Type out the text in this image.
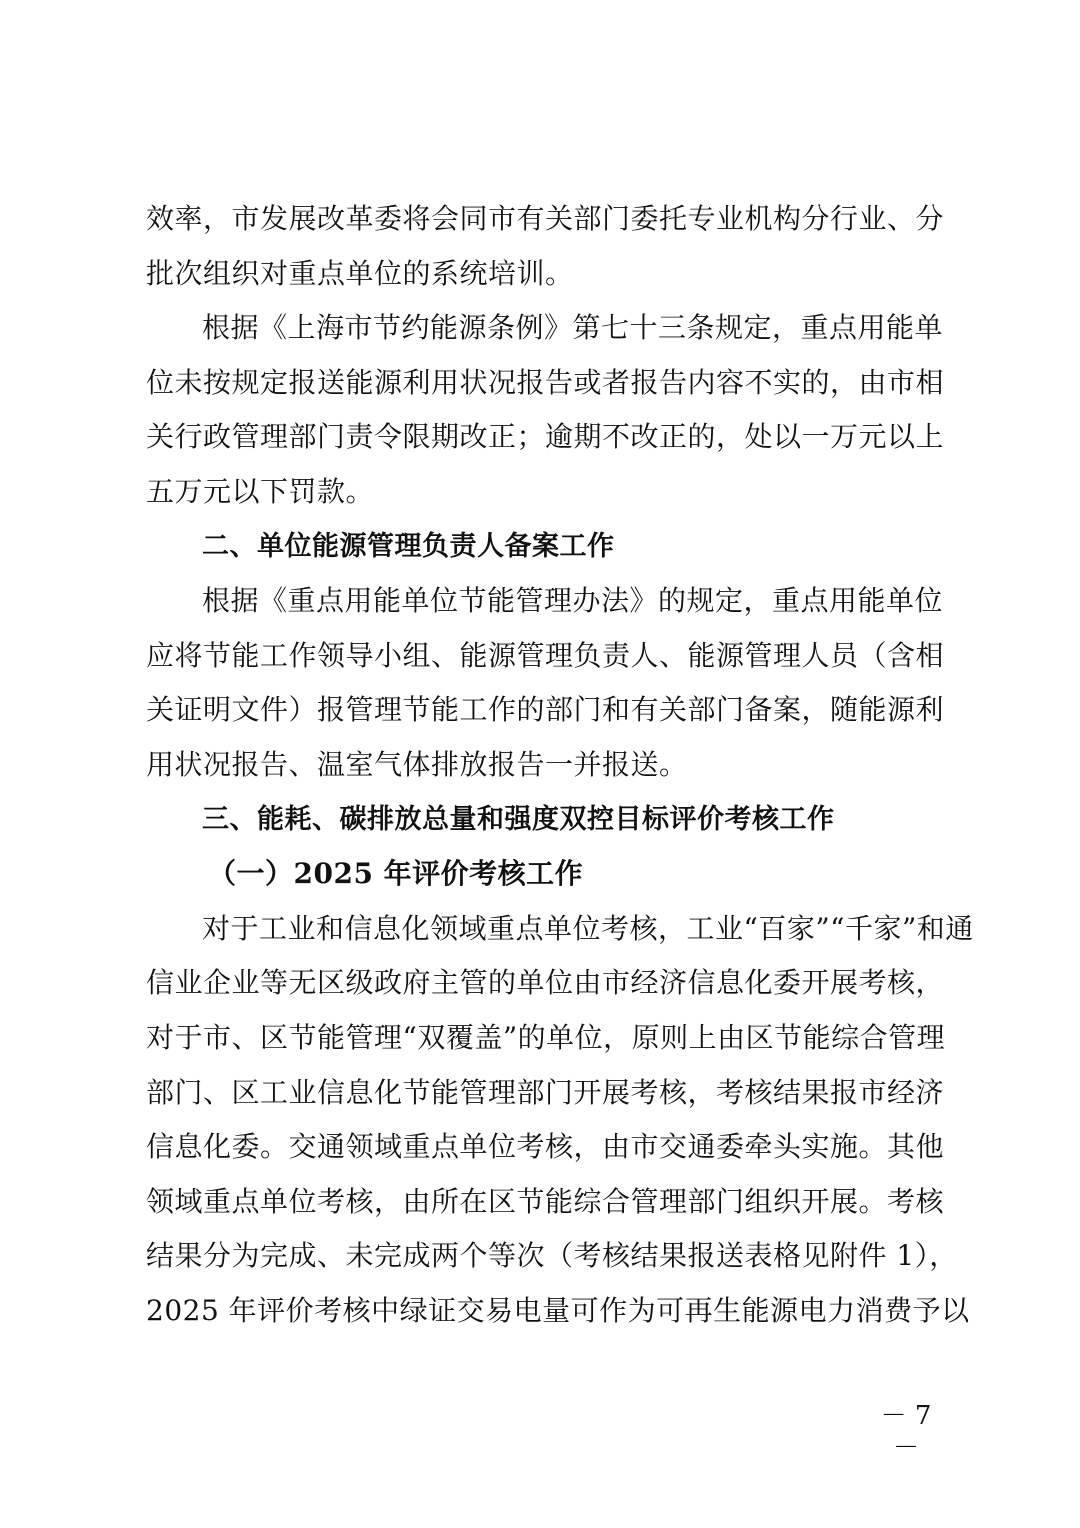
效率，市发展改革委将会同市有关部门委托专业机构分行业、分
批次组织对重点单位的系统培训。
根据《上海市节约能源条例》第七十三条规定，重点用能单
位未按规定报送能源利用状况报告或者报告内容不实的，由市相
关行政管理部门责令限期改正；逾期不改正的，处以一万元以上
五万元以下罚款。
二、单位能源管理负责人备案工作
根据《重点用能单位节能管理办法》的规定，重点用能单位
应将节能工作领导小组、能源管理负责人、能源管理人员（含相
关证明文件）报管理节能工作的部门和有关部门备案，随能源利
用状况报告、温室气体排放报告一并报送。
三、能耗、碳排放总量和强度双控目标评价考核工作
（一）2025 年评价考核工作
对于工业和信息化领域重点单位考核，工业“百家”“千家”和通
信业企业等无区级政府主管的单位由市经济信息化委开展考核，
对于市、区节能管理“双覆盖”的单位，原则上由区节能综合管理
部门、区工业信息化节能管理部门开展考核，考核结果报市经济
信息化委。交通领域重点单位考核，由市交通委牵头实施。其他
领域重点单位考核，由所在区节能综合管理部门组织开展。考核
结果分为完成、未完成两个等次（考核结果报送表格见附件 1），
2025 年评价考核中绿证交易电量可作为可再生能源电力消费予以
－ 7 －
